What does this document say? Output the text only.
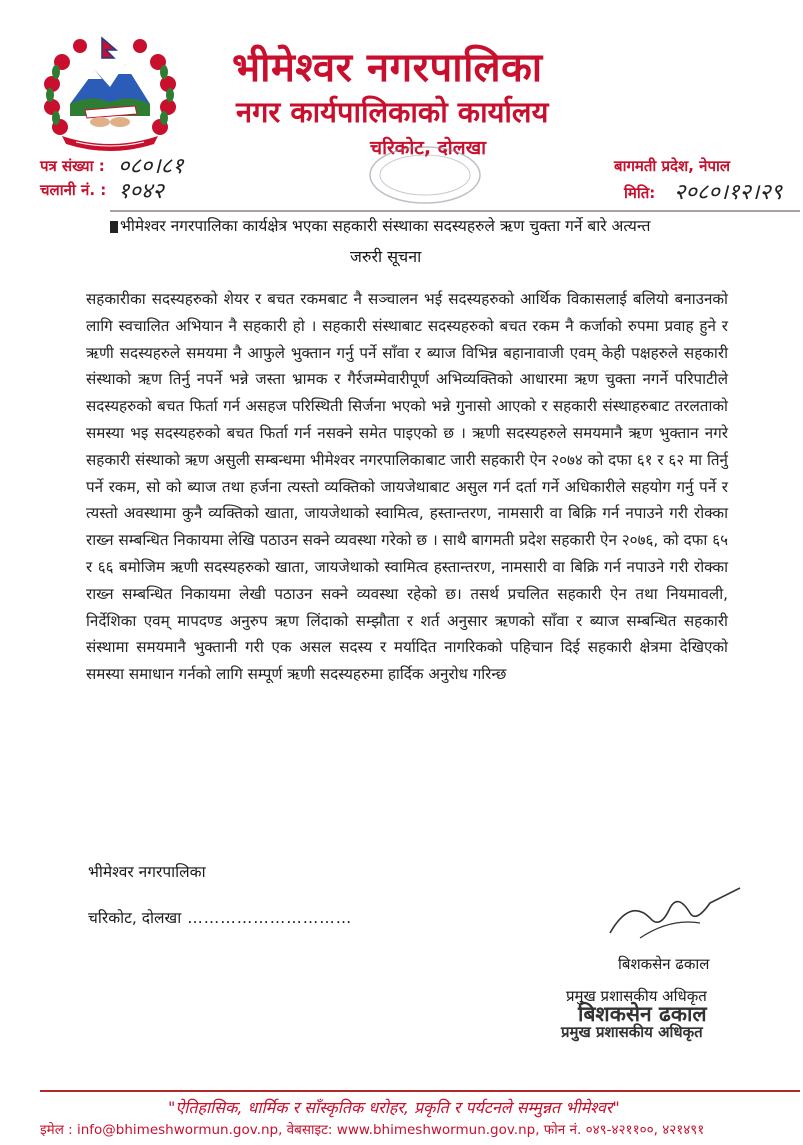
भीमेश्वर नगरपालिका
नगर कार्यपालिकाको कार्यालय
चरिकोट, दोलखा
पत्र संख्या : ०८०।८१
चलानी नं. : १०४२
बागमती प्रदेश, नेपाल
मिति: २०८०।१२।२९
भीमेश्वर नगरपालिका कार्यक्षेत्र भएका सहकारी संस्थाका सदस्यहरुले ऋण चुक्ता गर्ने बारे अत्यन्त
जरुरी सूचना
सहकारीका सदस्यहरुको शेयर र बचत रकमबाट नै सञ्चालन भई सदस्यहरुको आर्थिक विकासलाई बलियो बनाउनको लागि स्वचालित अभियान नै सहकारी हो । सहकारी संस्थाबाट सदस्यहरुको बचत रकम नै कर्जाको रुपमा प्रवाह हुने र ऋणी सदस्यहरुले समयमा नै आफुले भुक्तान गर्नु पर्ने साँवा र ब्याज विभिन्न बहानावाजी एवम् केही पक्षहरुले सहकारी संस्थाको ऋण तिर्नु नपर्ने भन्ने जस्ता भ्रामक र गैर्रजम्मेवारीपूर्ण अभिव्यक्तिको आधारमा ऋण चुक्ता नगर्ने परिपाटीले सदस्यहरुको बचत फिर्ता गर्न असहज परिस्थिती सिर्जना भएको भन्ने गुनासो आएको र सहकारी संस्थाहरुबाट तरलताको समस्या भइ सदस्यहरुको बचत फिर्ता गर्न नसक्ने समेत पाइएको छ । ऋणी सदस्यहरुले समयमानै ऋण भुक्तान नगरे सहकारी संस्थाको ऋण असुली सम्बन्धमा भीमेश्वर नगरपालिकाबाट जारी सहकारी ऐन २०७४ को दफा ६१ र ६२ मा तिर्नु पर्ने रकम, सो को ब्याज तथा हर्जना त्यस्तो व्यक्तिको जायजेथाबाट असुल गर्न दर्ता गर्ने अधिकारीले सहयोग गर्नु पर्ने र त्यस्तो अवस्थामा कुनै व्यक्तिको खाता, जायजेथाको स्वामित्व, हस्तान्तरण, नामसारी वा बिक्रि गर्न नपाउने गरी रोक्का राख्न सम्बन्धित निकायमा लेखि पठाउन सक्ने व्यवस्था गरेको छ । साथै बागमती प्रदेश सहकारी ऐन २०७६, को दफा ६५ र ६६ बमोजिम ऋणी सदस्यहरुको खाता, जायजेथाको स्वामित्व हस्तान्तरण, नामसारी वा बिक्रि गर्न नपाउने गरी रोक्का राख्न सम्बन्धित निकायमा लेखी पठाउन सक्ने व्यवस्था रहेको छ। तसर्थ प्रचलित सहकारी ऐन तथा नियमावली, निर्देशिका एवम् मापदण्ड अनुरुप ऋण लिंदाको सम्झौता र शर्त अनुसार ऋणको साँवा र ब्याज सम्बन्धित सहकारी संस्थामा समयमानै भुक्तानी गरी एक असल सदस्य र मर्यादित नागरिकको पहिचान दिई सहकारी क्षेत्रमा देखिएको समस्या समाधान गर्नको लागि सम्पूर्ण ऋणी सदस्यहरुमा हार्दिक अनुरोध गरिन्छ
भीमेश्वर नगरपालिका
चरिकोट, दोलखा …………………………
बिशकसेन ढकाल
प्रमुख प्रशासकीय अधिकृत
बिशकसेन ढकाल
प्रमुख प्रशासकीय अधिकृत
"ऐतिहासिक, धार्मिक र साँस्कृतिक धरोहर, प्रकृति र पर्यटनले सम्मुन्नत भीमेश्वर"
इमेल : info@bhimeshwormun.gov.np, वेबसाइट: www.bhimeshwormun.gov.np, फोन नं. ०४९-४२११००, ४२१४९१
